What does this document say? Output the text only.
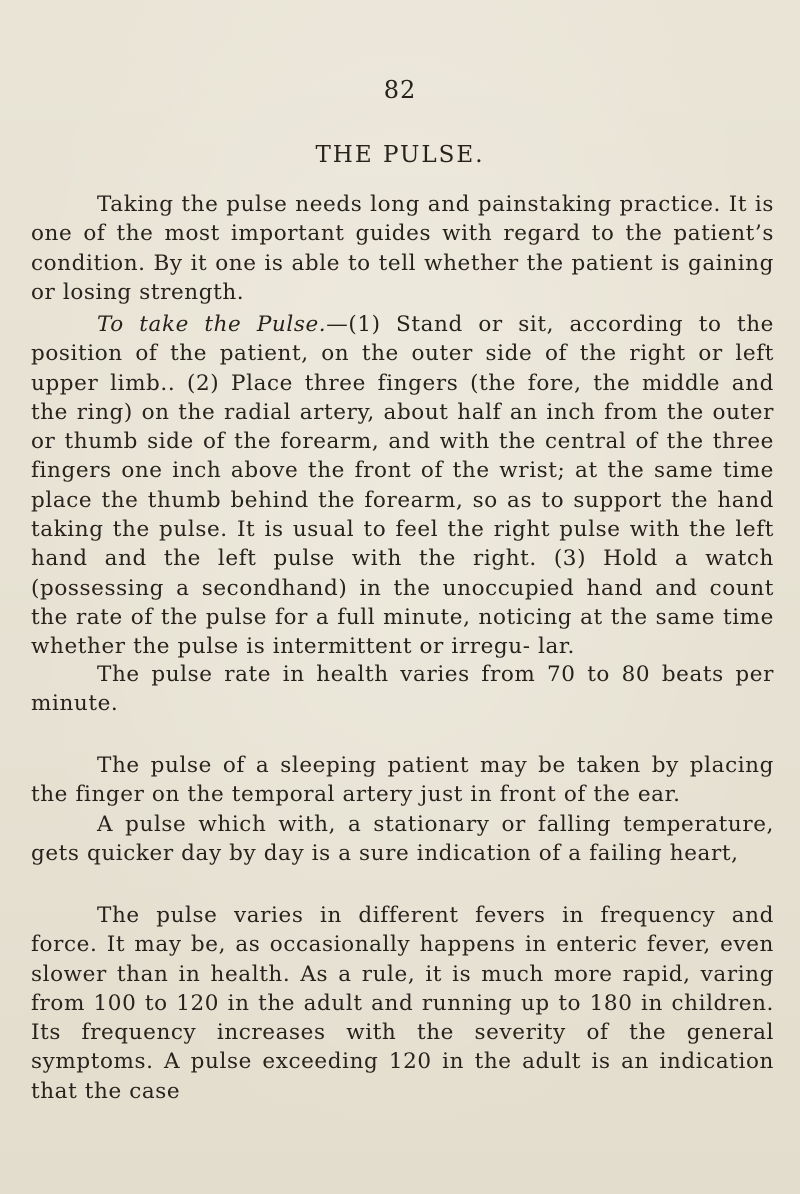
82
THE PULSE.

Taking the pulse needs long and painstaking practice. It is one of the most important guides with regard to the patient’s condition. By it one is able to tell whether the patient is gaining or losing strength.

To take the Pulse.—(1) Stand or sit, according to the position of the patient, on the outer side of the right or left upper limb.. (2) Place three fingers (the fore, the middle and the ring) on the radial artery, about half an inch from the outer or thumb side of the forearm, and with the central of the three fingers one inch above the front of the wrist; at the same time place the thumb behind the forearm, so as to support the hand taking the pulse. It is usual to feel the right pulse with the left hand and the left pulse with the right. (3) Hold a watch (possessing a secondhand) in the unoccupied hand and count the rate of the pulse for a full minute, noticing at the same time whether the pulse is intermittent or irregu- lar.

The pulse rate in health varies from 70 to 80 beats per minute.

The pulse of a sleeping patient may be taken by placing the finger on the temporal artery just in front of the ear.
A pulse which with, a stationary or falling temperature, gets quicker day by day is a sure indication of a failing heart,

The pulse varies in different fevers in frequency and force. It may be, as occasionally happens in enteric fever, even slower than in health. As a rule, it is much more rapid, varing from 100 to 120 in the adult and running up to 180 in children. Its frequency increases with the severity of the general symptoms. A pulse exceeding 120 in the adult is an indication that the case
